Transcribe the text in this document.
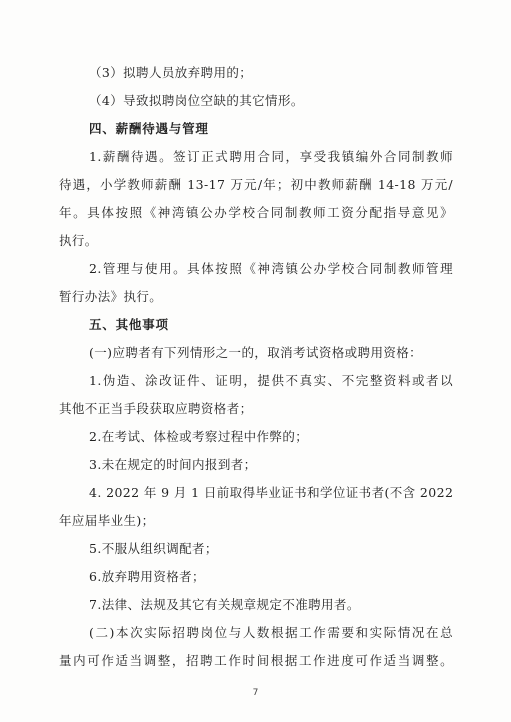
（3）拟聘人员放弃聘用的；
（4）导致拟聘岗位空缺的其它情形。
四、薪酬待遇与管理
1.薪酬待遇。签订正式聘用合同，享受我镇编外合同制教师
待遇，小学教师薪酬 13-17 万元/年；初中教师薪酬 14-18 万元/
年。具体按照《神湾镇公办学校合同制教师工资分配指导意见》
执行。
2.管理与使用。具体按照《神湾镇公办学校合同制教师管理
暂行办法》执行。
五、其他事项
(一)应聘者有下列情形之一的，取消考试资格或聘用资格：
1.伪造、涂改证件、证明，提供不真实、不完整资料或者以
其他不正当手段获取应聘资格者；
2.在考试、体检或考察过程中作弊的；
3.未在规定的时间内报到者；
4. 2022 年 9 月 1 日前取得毕业证书和学位证书者(不含 2022
年应届毕业生)；
5.不服从组织调配者；
6.放弃聘用资格者；
7.法律、法规及其它有关规章规定不准聘用者。
(二)本次实际招聘岗位与人数根据工作需要和实际情况在总
量内可作适当调整，招聘工作时间根据工作进度可作适当调整。
7
